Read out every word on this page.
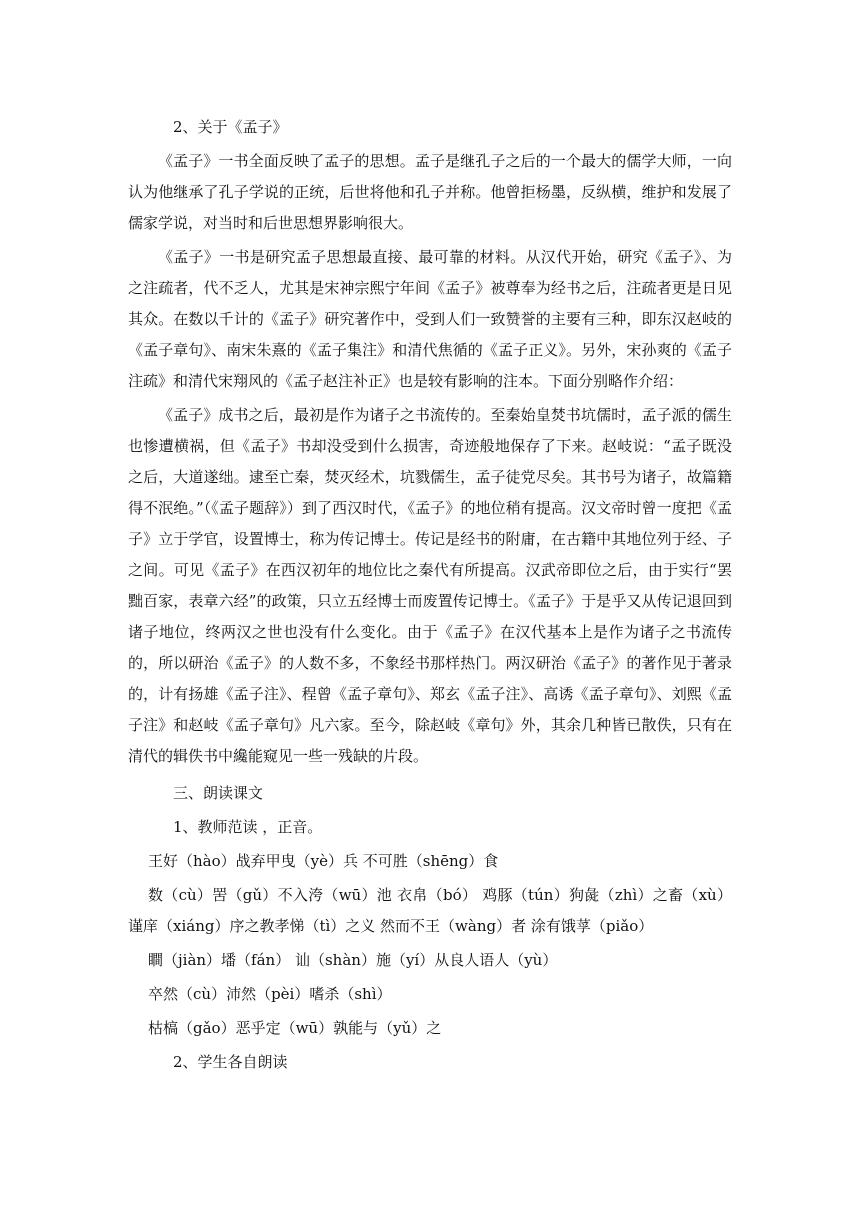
2、关于《孟子》

《孟子》一书全面反映了孟子的思想。孟子是继孔子之后的一个最大的儒学大师，一向认为他继承了孔子学说的正统，后世将他和孔子并称。他曾拒杨墨，反纵横，维护和发展了儒家学说，对当时和后世思想界影响很大。

《孟子》一书是研究孟子思想最直接、最可靠的材料。从汉代开始，研究《孟子》、为之注疏者，代不乏人，尤其是宋神宗熙宁年间《孟子》被尊奉为经书之后，注疏者更是日见其众。在数以千计的《孟子》研究著作中，受到人们一致赞誉的主要有三种，即东汉赵岐的《孟子章句》、南宋朱熹的《孟子集注》和清代焦循的《孟子正义》。另外，宋孙爽的《孟子注疏》和清代宋翔风的《孟子赵注补正》也是较有影响的注本。下面分别略作介绍：

《孟子》成书之后，最初是作为诸子之书流传的。至秦始皇焚书坑儒时，孟子派的儒生也惨遭横祸，但《孟子》书却没受到什么损害，奇迹般地保存了下来。赵岐说：“孟子既没之后，大道遂绌。逮至亡秦，焚灭经术，坑戮儒生，孟子徒党尽矣。其书号为诸子，故篇籍得不泯绝。”（《孟子题辞》）到了西汉时代，《孟子》的地位稍有提高。汉文帝时曾一度把《孟子》立于学官，设置博士，称为传记博士。传记是经书的附庸，在古籍中其地位列于经、子之间。可见《孟子》在西汉初年的地位比之秦代有所提高。汉武帝即位之后，由于实行“罢黜百家，表章六经”的政策，只立五经博士而废置传记博士。《孟子》于是乎又从传记退回到诸子地位，终两汉之世也没有什么变化。由于《孟子》在汉代基本上是作为诸子之书流传的，所以研治《孟子》的人数不多，不象经书那样热门。两汉研治《孟子》的著作见于著录的，计有扬雄《孟子注》、程曾《孟子章句》、郑玄《孟子注》、高诱《孟子章句》、刘熙《孟子注》和赵岐《孟子章句》凡六家。至今，除赵岐《章句》外，其余几种皆已散佚，只有在清代的辑佚书中纔能窥见一些一残缺的片段。

三、朗读课文

1、教师范读 ，正音。

王好（hào）战弃甲曳（yè）兵 不可胜（shēng）食

数（cù）罟（gǔ）不入洿（wū）池 衣帛（bó） 鸡豚（tún）狗彘（zhì）之畜（xù） 谨庠（xiáng）序之教孝悌（tì）之义 然而不王（wàng）者 涂有饿莩（piǎo）

瞷（jiàn）墦（fán） 讪（shàn）施（yí）从良人语人（yù）

卒然（cù）沛然（pèi）嗜杀（shì）

枯槁（gǎo）恶乎定（wū）孰能与（yǔ）之

2、学生各自朗读
